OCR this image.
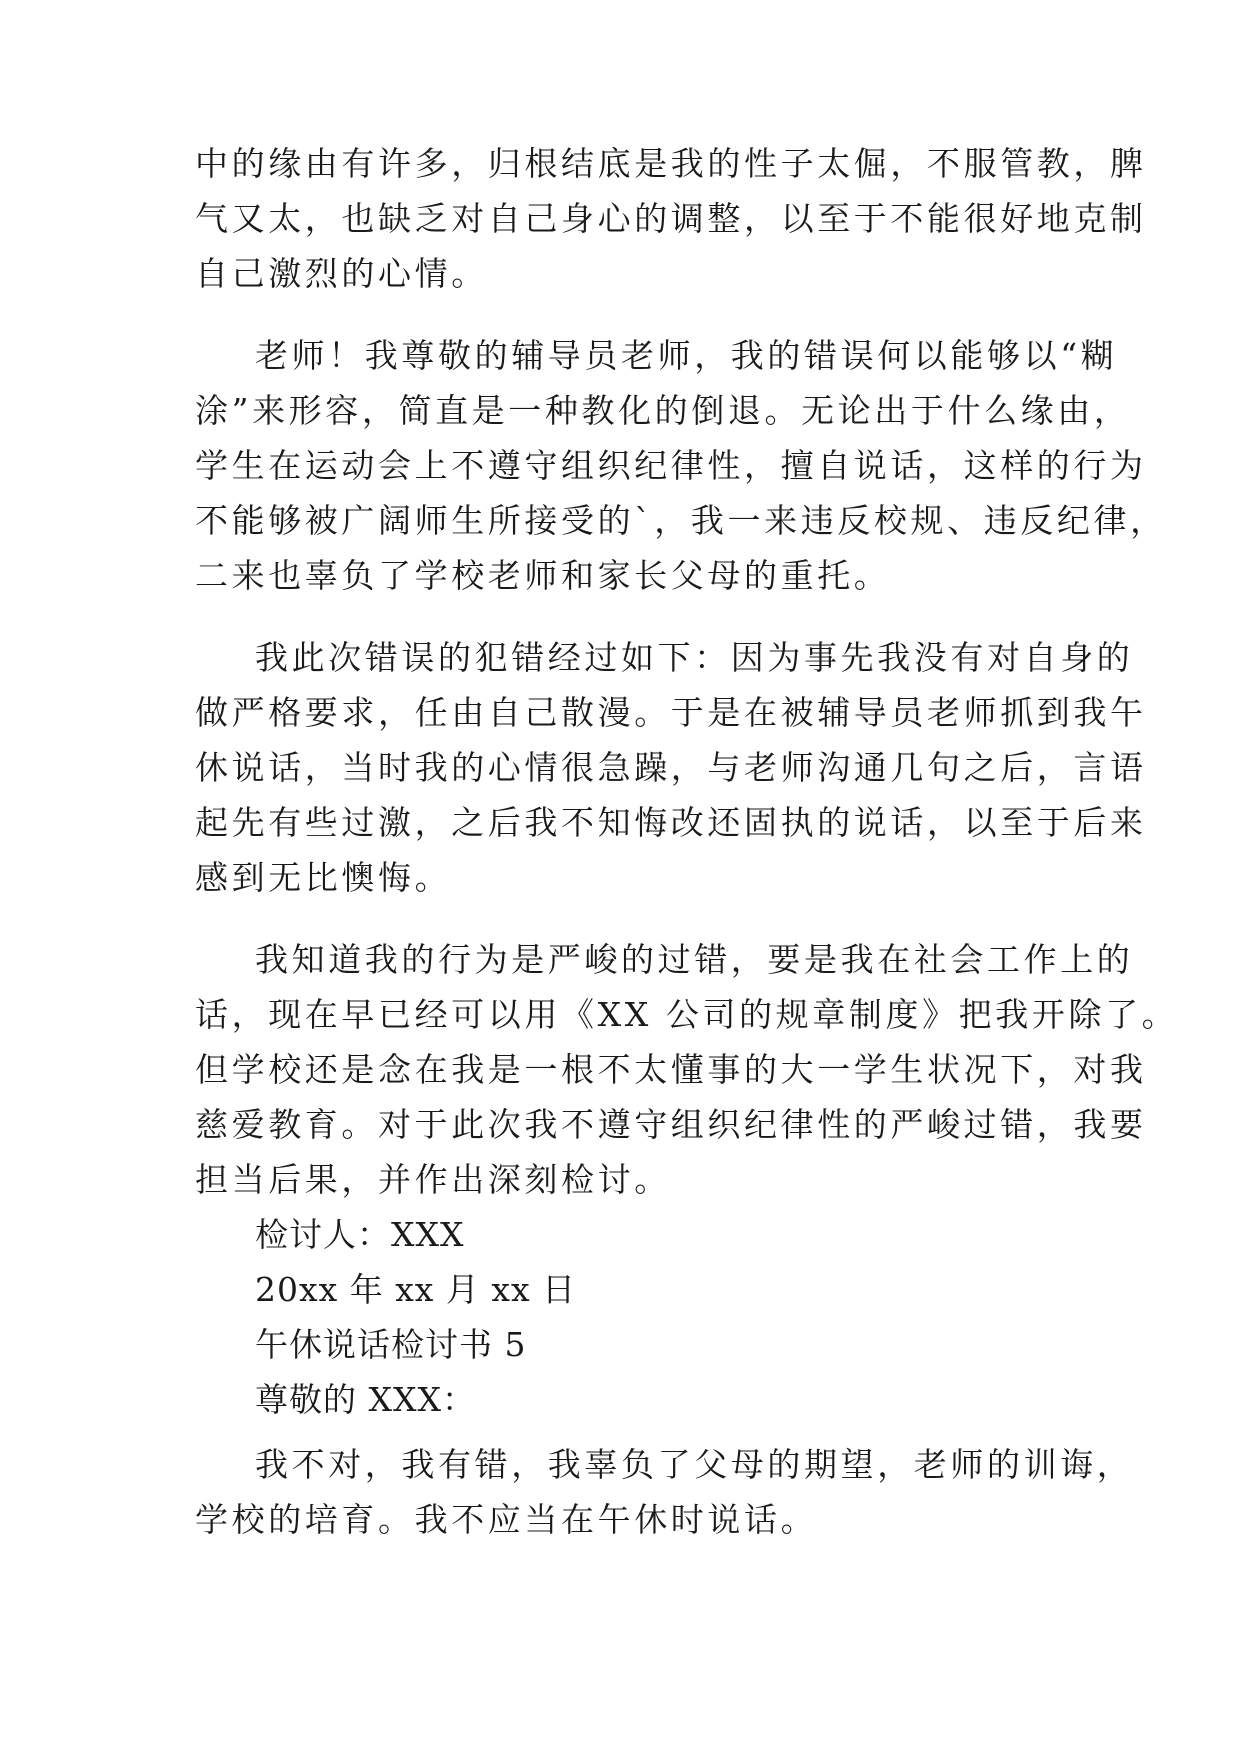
中的缘由有许多，归根结底是我的性子太倔，不服管教，脾
气又太，也缺乏对自己身心的调整，以至于不能很好地克制
自己激烈的心情。
老师！我尊敬的辅导员老师，我的错误何以能够以“糊
涂”来形容，简直是一种教化的倒退。无论出于什么缘由，
学生在运动会上不遵守组织纪律性，擅自说话，这样的行为
不能够被广阔师生所接受的`，我一来违反校规、违反纪律，
二来也辜负了学校老师和家长父母的重托。
我此次错误的犯错经过如下：因为事先我没有对自身的
做严格要求，任由自己散漫。于是在被辅导员老师抓到我午
休说话，当时我的心情很急躁，与老师沟通几句之后，言语
起先有些过激，之后我不知悔改还固执的说话，以至于后来
感到无比懊悔。
我知道我的行为是严峻的过错，要是我在社会工作上的
话，现在早已经可以用《XX 公司的规章制度》把我开除了。
但学校还是念在我是一根不太懂事的大一学生状况下，对我
慈爱教育。对于此次我不遵守组织纪律性的严峻过错，我要
担当后果，并作出深刻检讨。
检讨人：XXX
20xx 年 xx 月 xx 日
午休说话检讨书 5
尊敬的 XXX：
我不对，我有错，我辜负了父母的期望，老师的训诲，
学校的培育。我不应当在午休时说话。
